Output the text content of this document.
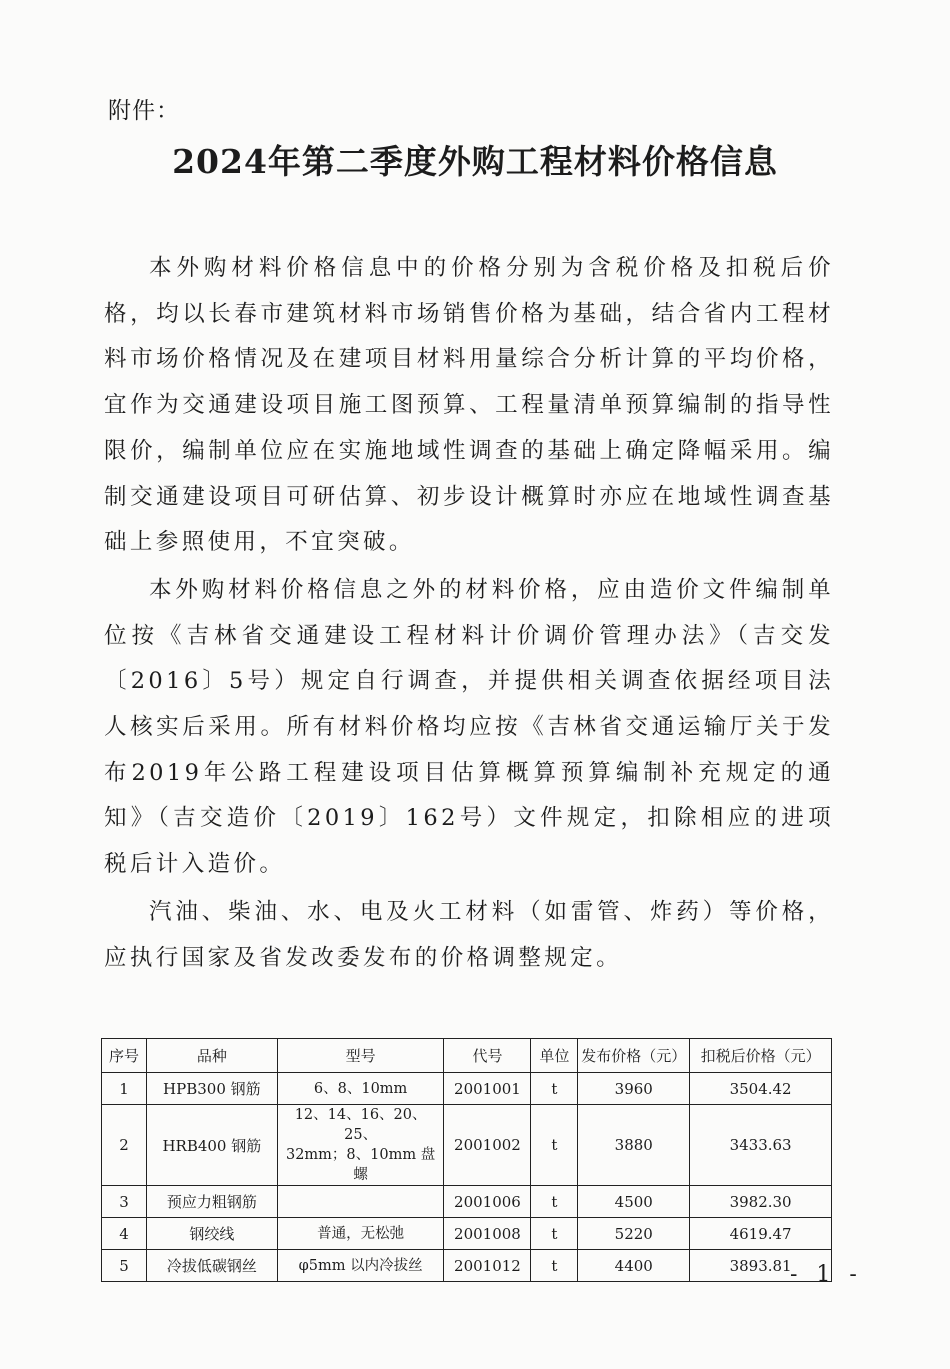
附件：
2024年第二季度外购工程材料价格信息

本外购材料价格信息中的价格分别为含税价格及扣税后价格，均以长春市建筑材料市场销售价格为基础，结合省内工程材料市场价格情况及在建项目材料用量综合分析计算的平均价格，宜作为交通建设项目施工图预算、工程量清单预算编制的指导性限价，编制单位应在实施地域性调查的基础上确定降幅采用。编制交通建设项目可研估算、初步设计概算时亦应在地域性调查基础上参照使用，不宜突破。

本外购材料价格信息之外的材料价格，应由造价文件编制单位按《吉林省交通建设工程材料计价调价管理办法》（吉交发〔2016〕5号）规定自行调查，并提供相关调查依据经项目法人核实后采用。所有材料价格均应按《吉林省交通运输厅关于发布2019年公路工程建设项目估算概算预算编制补充规定的通知》（吉交造价〔2019〕162号）文件规定，扣除相应的进项税后计入造价。

汽油、柴油、水、电及火工材料（如雷管、炸药）等价格，应执行国家及省发改委发布的价格调整规定。

序号	品种	型号	代号	单位	发布价格（元）	扣税后价格（元）
1	HPB300 钢筋	6、8、10mm	2001001	t	3960	3504.42
2	HRB400 钢筋	12、14、16、20、25、
32mm；8、10mm 盘螺	2001002	t	3880	3433.63
3	预应力粗钢筋		2001006	t	4500	3982.30
4	钢绞线	普通，无松弛	2001008	t	5220	4619.47
5	冷拔低碳钢丝	φ5mm 以内冷拔丝	2001012	t	4400	3893.81
- 1 -
